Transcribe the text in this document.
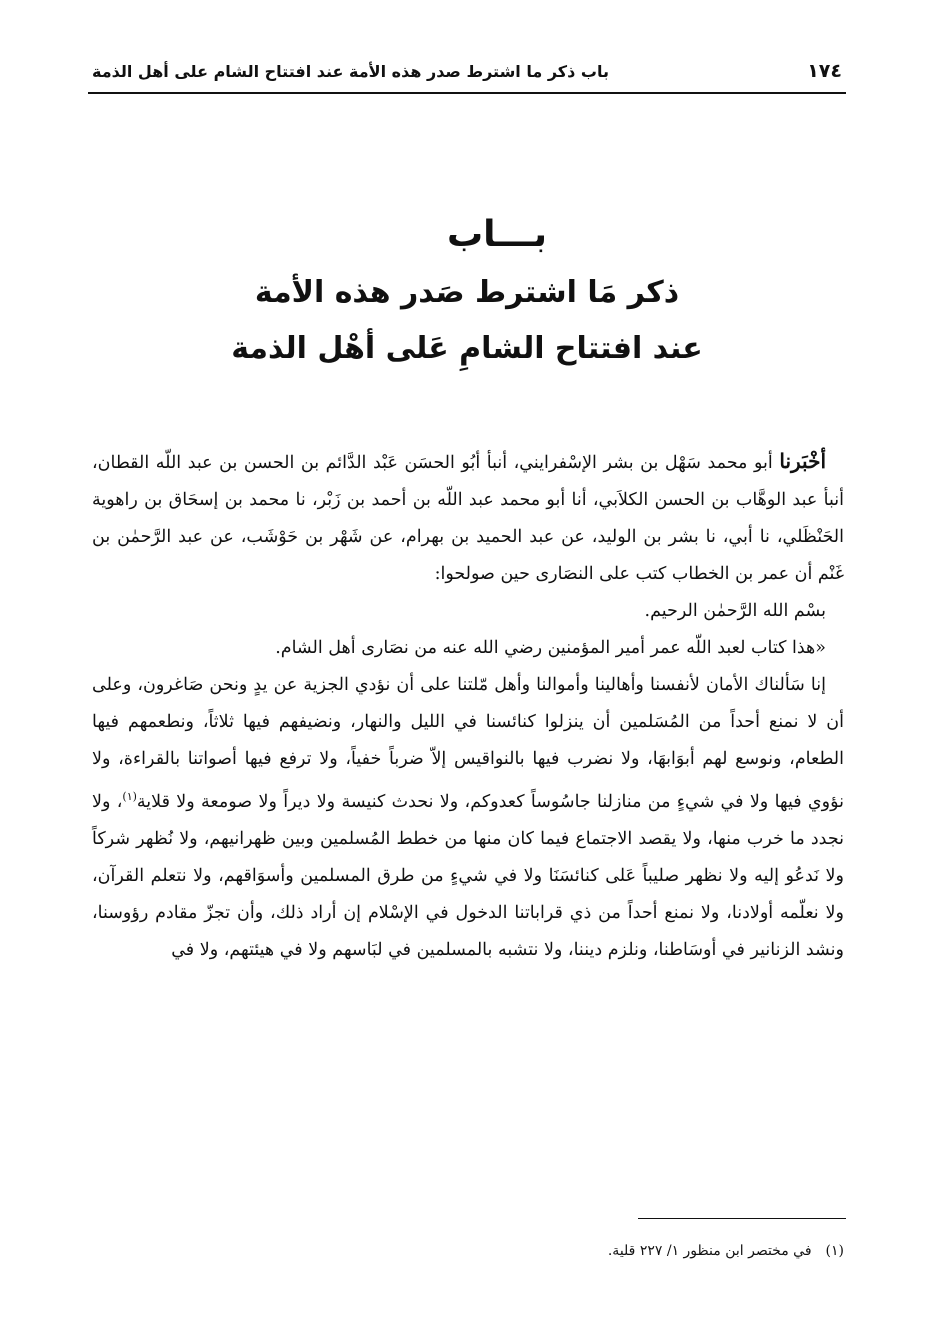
١٧٤
باب ذكر ما اشترط صدر هذه الأمة عند افتتاح الشام على أهل الذمة
بـــاب
ذكر مَا اشترط صَدر هذه الأمة
عند افتتاح الشامِ عَلى أهْل الذمة

أخْبَرنا أبو محمد سَهْل بن بشر الإسْفرايني، أنبأ أبُو الحسَن عَبْد الدَّائم بن الحسن بن عبد اللّه القطان، أنبأ عبد الوهَّاب بن الحسن الكلاَبي، أنا أبو محمد عبد اللّه بن أحمد بن زَبْر، نا محمد بن إسحَاق بن راهوية الحَنْظَلي، نا أبي، نا بشر بن الوليد، عن عبد الحميد بن بهرام، عن شَهْر بن حَوْشَب، عن عبد الرَّحمٰن بن غَنْم أن عمر بن الخطاب كتب على النصَارى حين صولحوا:

بسْم الله الرَّحمٰن الرحيم.

«هذا كتاب لعبد اللّه عمر أمير المؤمنين رضي الله عنه من نصَارى أهل الشام.

إنا سَألناك الأمان لأنفسنا وأهالينا وأموالنا وأهل مّلتنا على أن نؤدي الجزية عن يدٍ ونحن صَاغرون، وعلى أن لا نمنع أحداً من المُسَلمين أن ينزلوا كنائسنا في الليل والنهار، ونضيفهم فيها ثلاثاً، ونطعمهم فيها الطعام، ونوسع لهم أبوَابهَا، ولا نضرب فيها بالنواقيس إلاّ ضرباً خفياً، ولا ترفع فيها أصواتنا بالقراءة، ولا نؤوي فيها ولا في شيءٍ من منازلنا جاسُوساً كعدوكم، ولا نحدث كنيسة ولا ديراً ولا صومعة ولا قلاية$^{(١)}$، ولا نجدد ما خرب منها، ولا يقصد الاجتماع فيما كان منها من خطط المُسلمين وبين ظهرانيهم، ولا نُظهر شركاً ولا نَدعُو إليه ولا نظهر صليباً عَلى كنائسَنَا ولا في شيءٍ من طرق المسلمين وأسوَاقهم، ولا نتعلم القرآن، ولا نعلّمه أولادنا، ولا نمنع أحداً من ذي قراباتنا الدخول في الإسْلام إن أراد ذلك، وأن تجزّ مقادم رؤوسنا، ونشد الزنانير في أوسَاطنا، ونلزم ديننا، ولا نتشبه بالمسلمين في لبَاسهم ولا في هيئتهم، ولا في

(١)في مختصر ابن منظور ١/ ٢٢٧ قلية.
